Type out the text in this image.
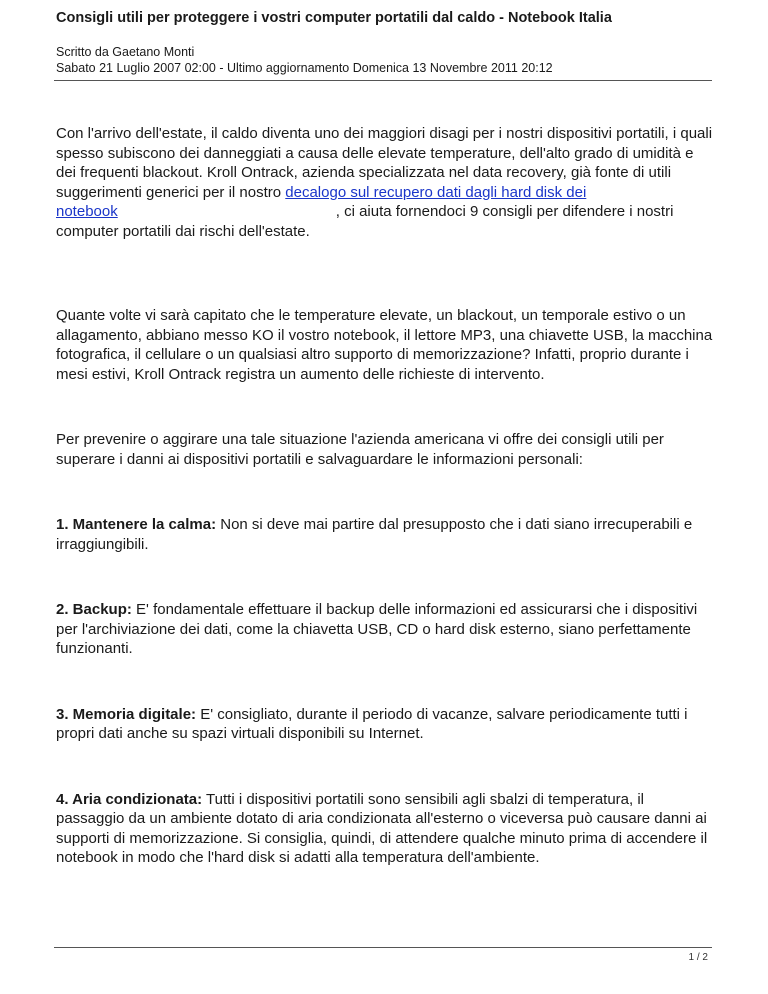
Consigli utili per proteggere i vostri computer portatili dal caldo - Notebook Italia
Scritto da Gaetano Monti
Sabato 21 Luglio 2007 02:00 - Ultimo aggiornamento Domenica 13 Novembre 2011 20:12

Con l'arrivo dell'estate, il caldo diventa uno dei maggiori disagi per i nostri dispositivi portatili, i quali spesso subiscono dei danneggiati a causa delle elevate temperature, dell'alto grado di umidità e dei frequenti blackout. Kroll Ontrack, azienda specializzata nel data recovery, già fonte di utili suggerimenti generici per il nostro decalogo sul recupero dati dagli hard disk dei
notebook	, ci aiuta fornendoci 9 consigli per difendere i nostri computer portatili dai rischi dell'estate.

Quante volte vi sarà capitato che le temperature elevate, un blackout, un temporale estivo o un allagamento, abbiano messo KO il vostro notebook, il lettore MP3, una chiavette USB, la macchina fotografica, il cellulare o un qualsiasi altro supporto di memorizzazione? Infatti, proprio durante i mesi estivi, Kroll Ontrack registra un aumento delle richieste di intervento.

Per prevenire o aggirare una tale situazione l'azienda americana vi offre dei consigli utili per superare i danni ai dispositivi portatili e salvaguardare le informazioni personali:

1. Mantenere la calma: Non si deve mai partire dal presupposto che i dati siano irrecuperabili e irraggiungibili.

2. Backup: E' fondamentale effettuare il backup delle informazioni ed assicurarsi che i dispositivi per l'archiviazione dei dati, come la chiavetta USB, CD o hard disk esterno, siano perfettamente funzionanti.

3. Memoria digitale: E' consigliato, durante il periodo di vacanze, salvare periodicamente tutti i propri dati anche su spazi virtuali disponibili su Internet.

4. Aria condizionata: Tutti i dispositivi portatili sono sensibili agli sbalzi di temperatura, il passaggio da un ambiente dotato di aria condizionata all'esterno o viceversa può causare danni ai supporti di memorizzazione. Si consiglia, quindi, di attendere qualche minuto prima di accendere il notebook in modo che l'hard disk si adatti alla temperatura dell'ambiente.

1 / 2
